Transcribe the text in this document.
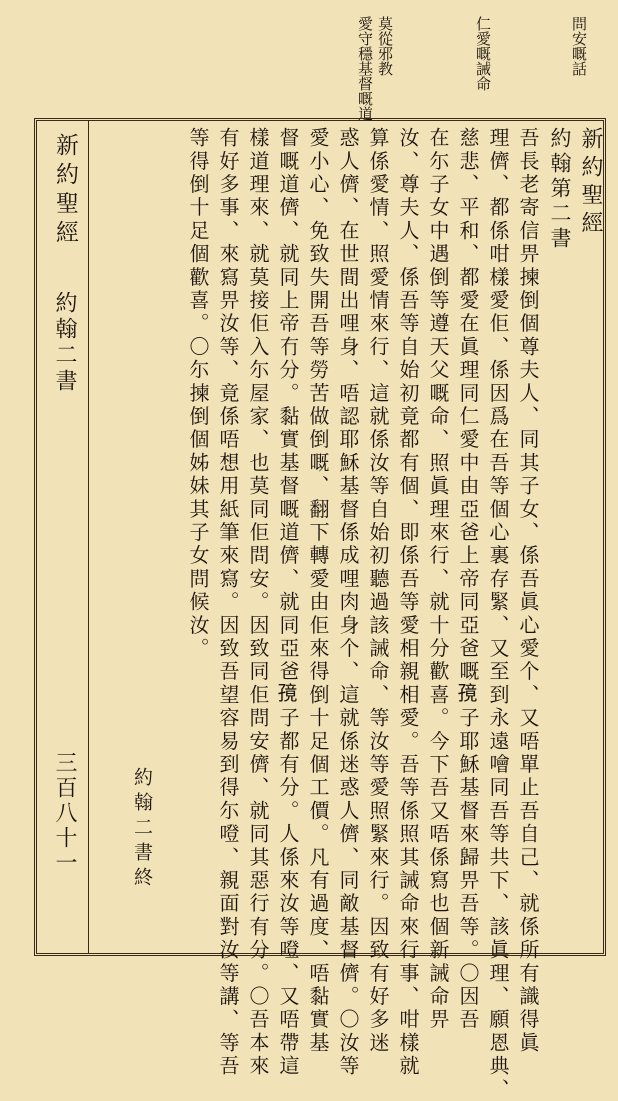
問安嘅話
仁愛嘅誡命
莫從邪教
愛守穩基督嘅道
新約聖經
約翰二書
三百八十一
新約聖經
約翰第二書
吾長老寄信畀揀倒個尊夫人、同其子女、係吾眞心愛个、又唔單止吾自己、就係所有識得眞
理儕、都係咁樣愛佢、係因爲在吾等個心裏存緊、又至到永遠噲同吾等共下、該眞理、願恩典、
慈悲、平和、都愛在眞理同仁愛中由亞爸上帝同亞爸嘅𫲭子耶穌基督來歸畀吾等。〇因吾
在尓子女中遇倒等遵天父嘅命、照眞理來行、就十分歡喜。今下吾又唔係寫也個新誡命畀
汝、尊夫人、係吾等自始初竟都有個、即係吾等愛相親相愛。吾等係照其誡命來行事、咁樣就
算係愛情、照愛情來行、這就係汝等自始初聽過該誡命、等汝等愛照緊來行。因致有好多迷
惑人儕、在世間出哩身、唔認耶穌基督係成哩肉身个、這就係迷惑人儕、同敵基督儕。〇汝等
愛小心、免致失開吾等勞苦做倒嘅、翻下轉愛由佢來得倒十足個工價。凡有過度、唔黏實基
督嘅道儕、就同上帝冇分。黏實基督嘅道儕、就同亞爸𫲭子都有分。人係來汝等噔、又唔帶這
樣道理來、就莫接佢入尓屋家、也莫同佢問安。因致同佢問安儕、就同其惡行有分。〇吾本來
有好多事、來寫畀汝等、竟係唔想用紙筆來寫。因致吾望容易到得尓噔、親面對汝等講、等吾
等得倒十足個歡喜。〇尓揀倒個姊妹其子女問候汝。
約翰二書終
